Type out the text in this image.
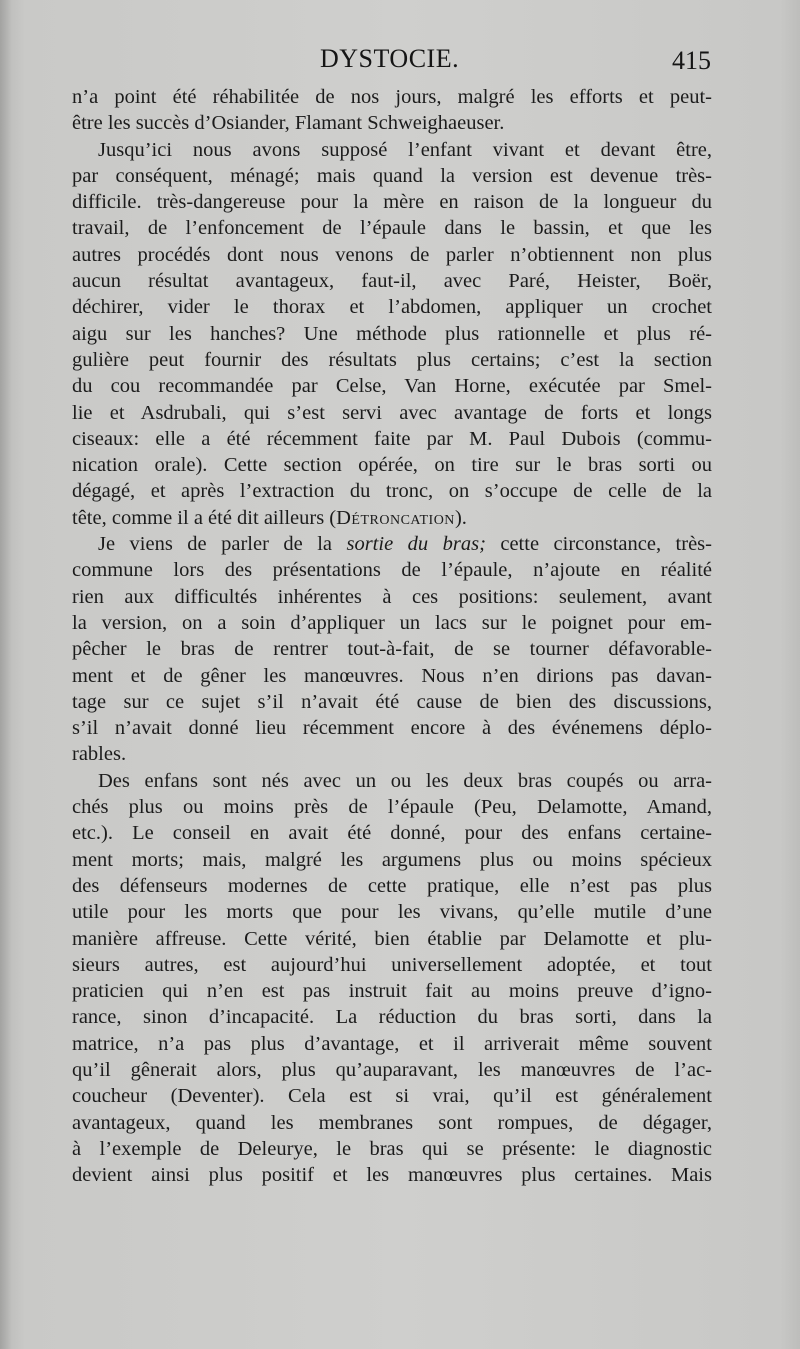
DYSTOCIE.	415
n’a point été réhabilitée de nos jours, malgré les efforts et peut-
être les succès d’Osiander, Flamant Schweighaeuser.
Jusqu’ici nous avons supposé l’enfant vivant et devant être,
par conséquent, ménagé; mais quand la version est devenue très-
difficile. très-dangereuse pour la mère en raison de la longueur du
travail, de l’enfoncement de l’épaule dans le bassin, et que les
autres procédés dont nous venons de parler n’obtiennent non plus
aucun résultat avantageux, faut-il, avec Paré, Heister, Boër,
déchirer, vider le thorax et l’abdomen, appliquer un crochet
aigu sur les hanches? Une méthode plus rationnelle et plus ré-
gulière peut fournir des résultats plus certains; c’est la section
du cou recommandée par Celse, Van Horne, exécutée par Smel-
lie et Asdrubali, qui s’est servi avec avantage de forts et longs
ciseaux: elle a été récemment faite par M. Paul Dubois (commu-
nication orale). Cette section opérée, on tire sur le bras sorti ou
dégagé, et après l’extraction du tronc, on s’occupe de celle de la
tête, comme il a été dit ailleurs (Détroncation).
Je viens de parler de la sortie du bras; cette circonstance, très-
commune lors des présentations de l’épaule, n’ajoute en réalité
rien aux difficultés inhérentes à ces positions: seulement, avant
la version, on a soin d’appliquer un lacs sur le poignet pour em-
pêcher le bras de rentrer tout-à-fait, de se tourner défavorable-
ment et de gêner les manœuvres. Nous n’en dirions pas davan-
tage sur ce sujet s’il n’avait été cause de bien des discussions,
s’il n’avait donné lieu récemment encore à des événemens déplo-
rables.
Des enfans sont nés avec un ou les deux bras coupés ou arra-
chés plus ou moins près de l’épaule (Peu, Delamotte, Amand,
etc.). Le conseil en avait été donné, pour des enfans certaine-
ment morts; mais, malgré les argumens plus ou moins spécieux
des défenseurs modernes de cette pratique, elle n’est pas plus
utile pour les morts que pour les vivans, qu’elle mutile d’une
manière affreuse. Cette vérité, bien établie par Delamotte et plu-
sieurs autres, est aujourd’hui universellement adoptée, et tout
praticien qui n’en est pas instruit fait au moins preuve d’igno-
rance, sinon d’incapacité. La réduction du bras sorti, dans la
matrice, n’a pas plus d’avantage, et il arriverait même souvent
qu’il gênerait alors, plus qu’auparavant, les manœuvres de l’ac-
coucheur (Deventer). Cela est si vrai, qu’il est généralement
avantageux, quand les membranes sont rompues, de dégager,
à l’exemple de Deleurye, le bras qui se présente: le diagnostic
devient ainsi plus positif et les manœuvres plus certaines. Mais
